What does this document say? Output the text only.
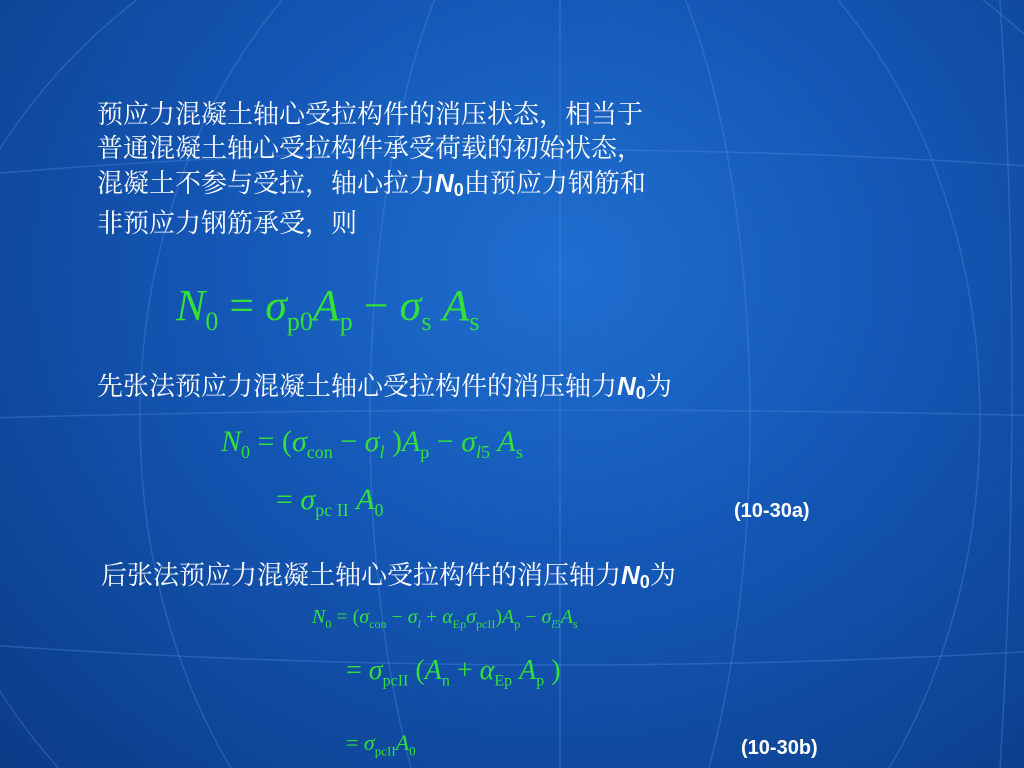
预应力混凝土轴心受拉构件的消压状态，相当于
普通混凝土轴心受拉构件承受荷载的初始状态，
混凝土不参与受拉，轴心拉力$N_0$由预应力钢筋和
非预应力钢筋承受，则
$N_0 = \sigma_{p0}A_p - \sigma_s$ $A_s$
先张法预应力混凝土轴心受拉构件的消压轴力$N_0$为
$N_0 = (\sigma_{con} - \sigma_l$ )$A_p - \sigma_{l5}$ $A_s$
= $\sigma_{pc II}$ $A_0$	(10-30a)
后张法预应力混凝土轴心受拉构件的消压轴力$N_0$为
$N_0 = (\sigma_{con} - \sigma_l + \alpha_{Ep}\sigma_{pcII})A_p - \sigma_{l5}A_s$
= $\sigma_{pcII}$ ($A_n + \alpha_{Ep}$ $A_p$ )
= $\sigma_{pcII}A_0$	(10-30b)
